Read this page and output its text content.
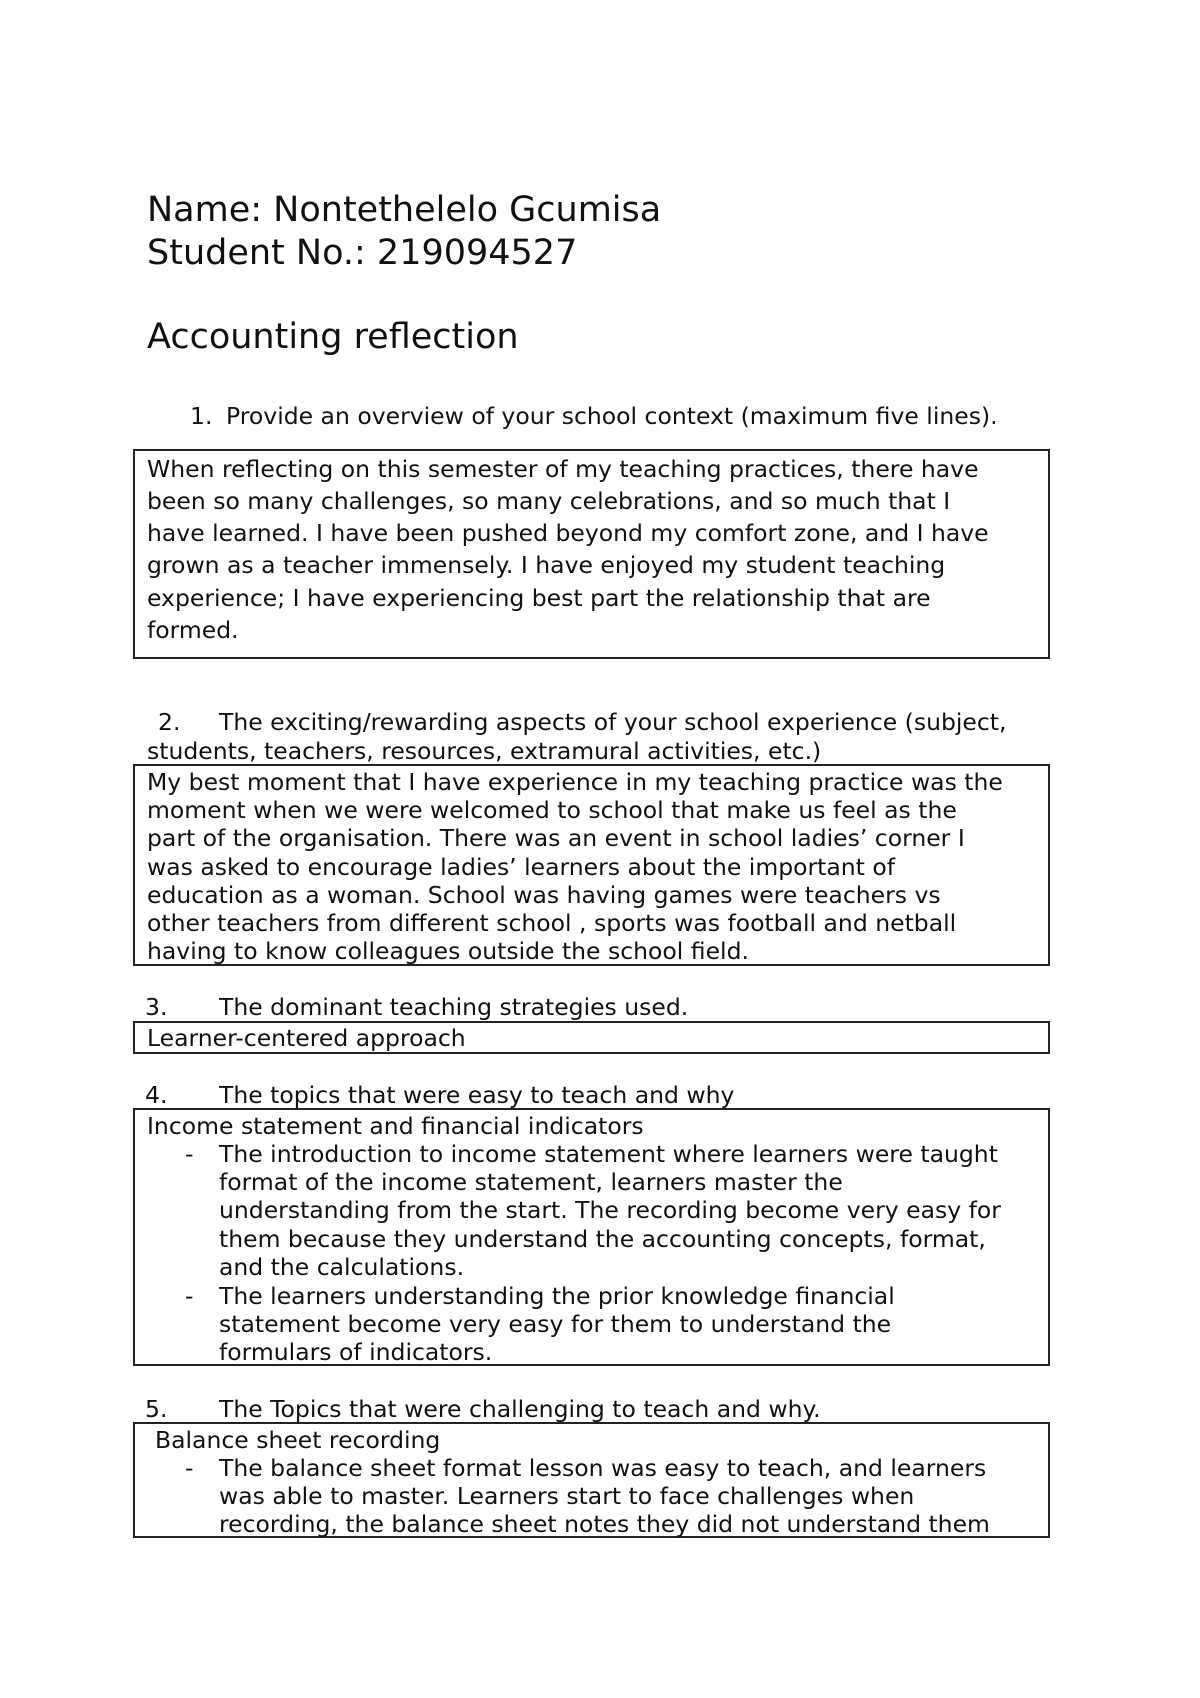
Name: Nontethelelo Gcumisa
Student No.: 219094527
Accounting reflection
1. Provide an overview of your school context (maximum five lines).
When reflecting on this semester of my teaching practices, there have
been so many challenges, so many celebrations, and so much that I
have learned. I have been pushed beyond my comfort zone, and I have
grown as a teacher immensely. I have enjoyed my student teaching
experience; I have experiencing best part the relationship that are
formed.
2. The exciting/rewarding aspects of your school experience (subject,
students, teachers, resources, extramural activities, etc.)
My best moment that I have experience in my teaching practice was the
moment when we were welcomed to school that make us feel as the
part of the organisation. There was an event in school ladies’ corner I
was asked to encourage ladies’ learners about the important of
education as a woman. School was having games were teachers vs
other teachers from different school , sports was football and netball
having to know colleagues outside the school field.
3. The dominant teaching strategies used.
Learner-centered approach
4. The topics that were easy to teach and why
Income statement and financial indicators
- The introduction to income statement where learners were taught
format of the income statement, learners master the
understanding from the start. The recording become very easy for
them because they understand the accounting concepts, format,
and the calculations.
- The learners understanding the prior knowledge financial
statement become very easy for them to understand the
formulars of indicators.
5. The Topics that were challenging to teach and why.
Balance sheet recording
- The balance sheet format lesson was easy to teach, and learners
was able to master. Learners start to face challenges when
recording, the balance sheet notes they did not understand them
